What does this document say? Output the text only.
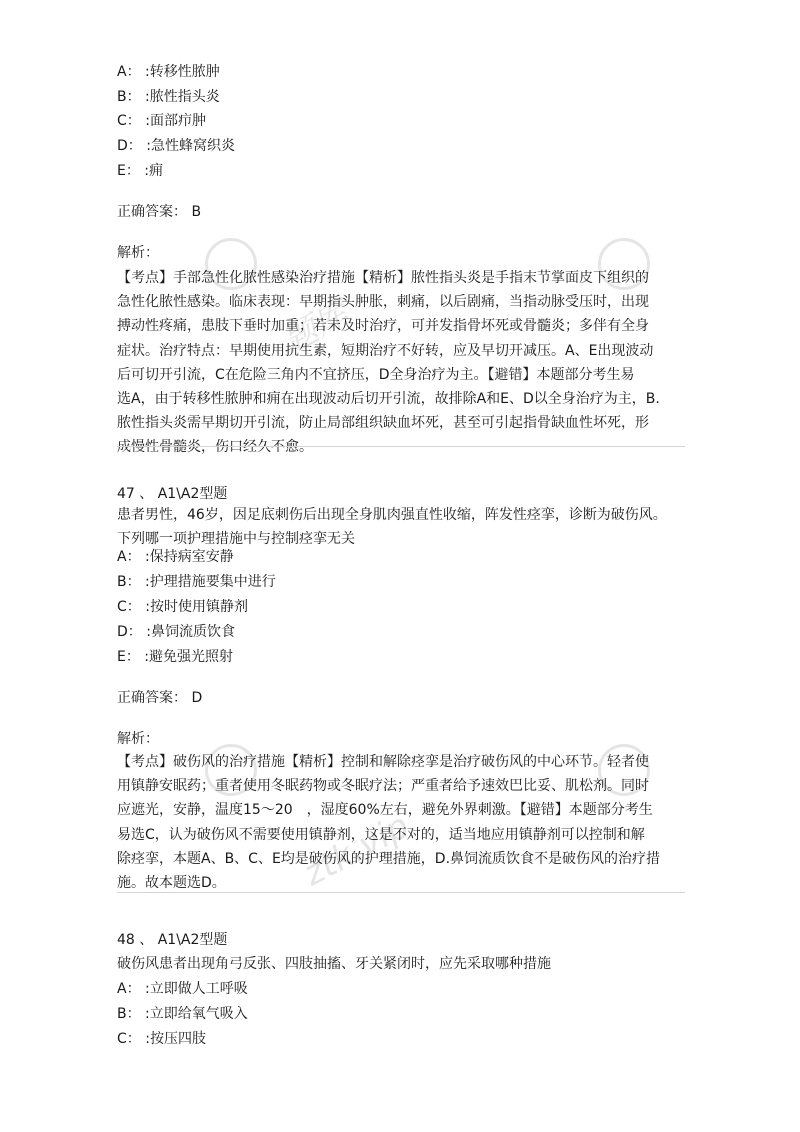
题库
ztk.vip
A： :转移性脓肿
B： :脓性指头炎
C： :面部疖肿
D： :急性蜂窝织炎
E： :痈
正确答案： B
解析：
【考点】手部急性化脓性感染治疗措施【精析】脓性指头炎是手指末节掌面皮下组织的
急性化脓性感染。临床表现：早期指头肿胀，刺痛，以后剧痛，当指动脉受压时，出现
搏动性疼痛，患肢下垂时加重；若未及时治疗，可并发指骨坏死或骨髓炎；多伴有全身
症状。治疗特点：早期使用抗生素，短期治疗不好转，应及早切开减压。A、E出现波动
后可切开引流，C在危险三角内不宜挤压，D全身治疗为主。【避错】本题部分考生易
选A，由于转移性脓肿和痈在出现波动后切开引流，故排除A和E、D以全身治疗为主，B.
脓性指头炎需早期切开引流，防止局部组织缺血坏死，甚至可引起指骨缺血性坏死，形
成慢性骨髓炎，伤口经久不愈。
47 、 A1\A2型题
患者男性，46岁，因足底刺伤后出现全身肌肉强直性收缩，阵发性痉挛，诊断为破伤风。
下列哪一项护理措施中与控制痉挛无关
A： :保持病室安静
B： :护理措施要集中进行
C： :按时使用镇静剂
D： :鼻饲流质饮食
E： :避免强光照射
正确答案： D
解析：
【考点】破伤风的治疗措施【精析】控制和解除痉挛是治疗破伤风的中心环节。轻者使
用镇静安眠药；重者使用冬眠药物或冬眠疗法；严重者给予速效巴比妥、肌松剂。同时
应遮光，安静，温度15～20　，湿度60%左右，避免外界刺激。【避错】本题部分考生
易选C，认为破伤风不需要使用镇静剂，这是不对的，适当地应用镇静剂可以控制和解
除痉挛，本题A、B、C、E均是破伤风的护理措施，D.鼻饲流质饮食不是破伤风的治疗措
施。故本题选D。
48 、 A1\A2型题
破伤风患者出现角弓反张、四肢抽搐、牙关紧闭时，应先采取哪种措施
A： :立即做人工呼吸
B： :立即给氧气吸入
C： :按压四肢
